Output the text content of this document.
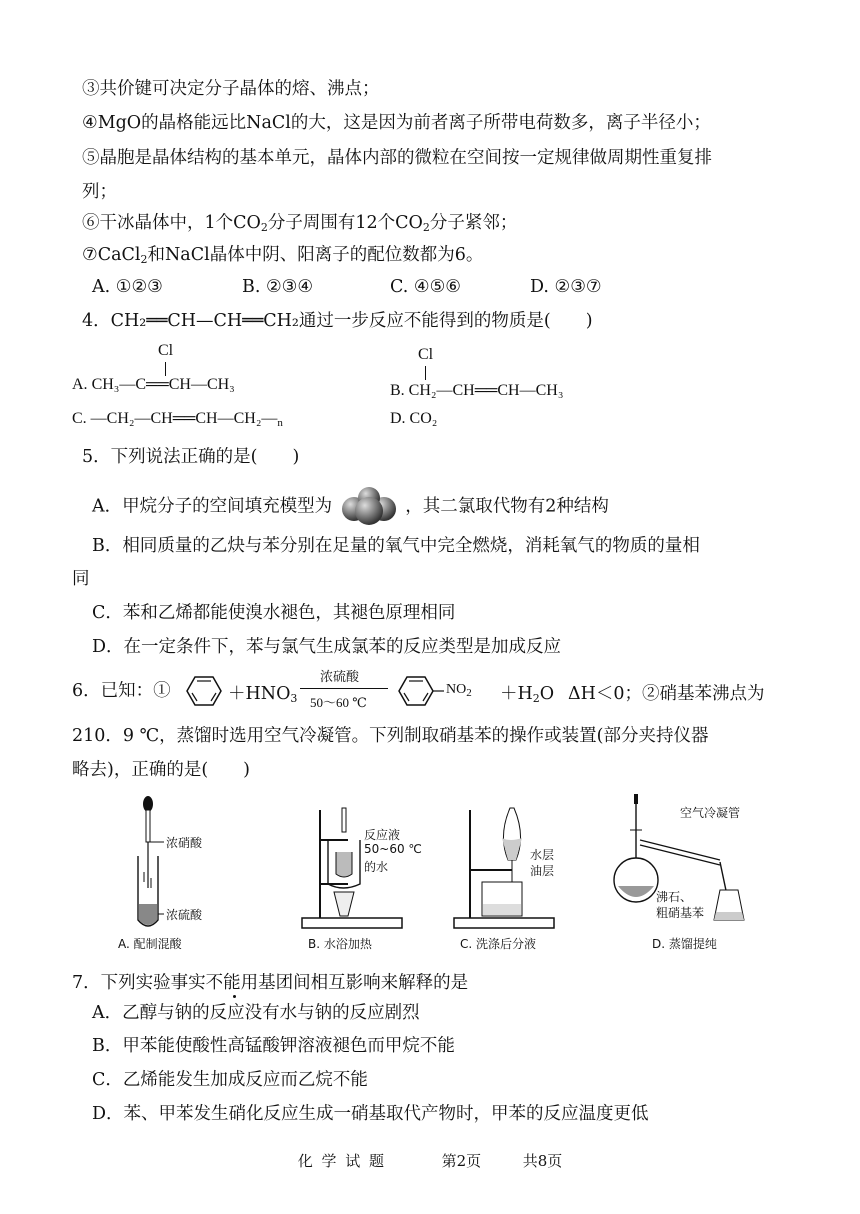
③共价键可决定分子晶体的熔、沸点；
④MgO的晶格能远比NaCl的大，这是因为前者离子所带电荷数多，离子半径小；
⑤晶胞是晶体结构的基本单元，晶体内部的微粒在空间按一定规律做周期性重复排
列；
⑥干冰晶体中，1个$CO_2$分子周围有12个$CO_2$分子紧邻；
⑦CaCl$_2$和NaCl晶体中阴、阳离子的配位数都为6。
A. ①②③	B. ②③④	C. ④⑤⑥	D. ②③⑦
4．CH₂══CH—CH══CH₂通过一步反应不能得到的物质是(　　)
Cl
A. CH₃—C══CH—CH₃
Cl
B. CH₂—CH══CH—CH₃
C. $—CH_2—CH══CH—CH_2—_n$	D. CO₂
5．下列说法正确的是(　　)
A．甲烷分子的空间填充模型为	，其二氯取代物有2种结构
B．相同质量的乙炔与苯分别在足量的氧气中完全燃烧，消耗氧气的物质的量相
同
C．苯和乙烯都能使溴水褪色，其褪色原理相同
D．在一定条件下，苯与氯气生成氯苯的反应类型是加成反应
6．已知：①	$+HNO_3$
浓硫酸
50～60 ℃
$NO_2 +H_2O$ ΔH＜0；②硝基苯沸点为
210．9 ℃，蒸馏时选用空气冷凝管。下列制取硝基苯的操作或装置(部分夹持仪器
略去)，正确的是(　　)
浓硝酸
浓硫酸
A. 配制混酸
反应液
50~60 ℃
的水
B. 水浴加热
水层
油层
C. 洗涤后分液
空气冷凝管
沸石、
粗硝基苯
D. 蒸馏提纯
7．下列实验事实不能用基团间相互影响来解释的是
A．乙醇与钠的反应没有水与钠的反应剧烈
B．甲苯能使酸性高锰酸钾溶液褪色而甲烷不能
C．乙烯能发生加成反应而乙烷不能
D．苯、甲苯发生硝化反应生成一硝基取代产物时，甲苯的反应温度更低
化 学 试 题	第2页	共8页
